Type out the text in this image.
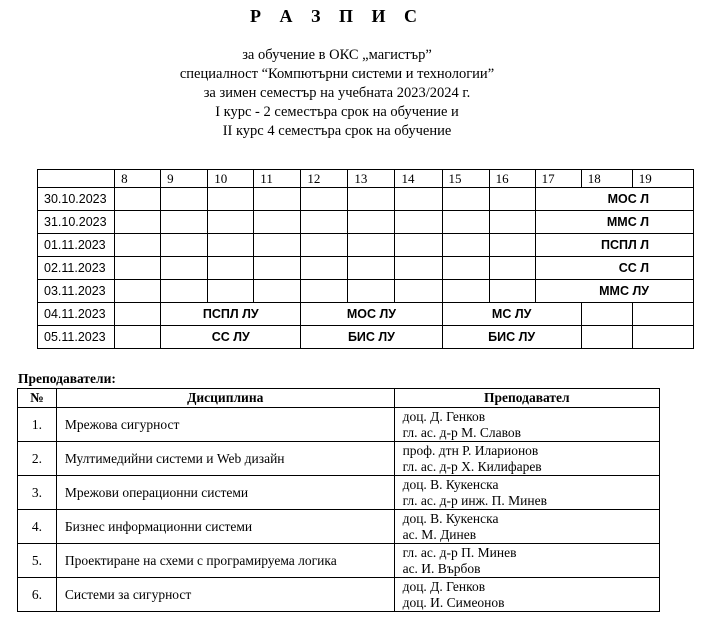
Р А З П И С
за обучение в ОКС „магистър”
специалност “Компютърни системи и технологии”
за зимен семестър на учебната 2023/2024 г.
I курс - 2 семестъра срок на обучение и
II курс 4 семестъра срок на обучение
	8	9	10	11	12	13	14	15	16	17	18	19
30.10.2023										МОС Л		
31.10.2023										ММС Л		
01.11.2023										ПСПЛ Л		
02.11.2023										СС Л		
03.11.2023										ММС ЛУ		
04.11.2023		ПСПЛ ЛУ			МОС ЛУ			МС ЛУ				
05.11.2023		СС ЛУ			БИС ЛУ			БИС ЛУ				
Преподаватели:
№	Дисциплина	Преподавател
1.	Мрежова сигурност	доц. Д. Генков
гл. ас. д-р М. Славов

2.	Мултимедийни системи и Web дизайн	проф. дтн Р. Иларионов
гл. ас. д-р Х. Килифарев

3.	Мрежови операционни системи	доц. В. Кукенска
гл. ас. д-р инж. П. Минев

4.	Бизнес информационни системи	доц. В. Кукенска
ас. М. Динев

5.	Проектиране на схеми с програмируема логика	гл. ас. д-р П. Минев
ас. И. Върбов

6.	Системи за сигурност	доц. Д. Генков
доц. И. Симеонов
